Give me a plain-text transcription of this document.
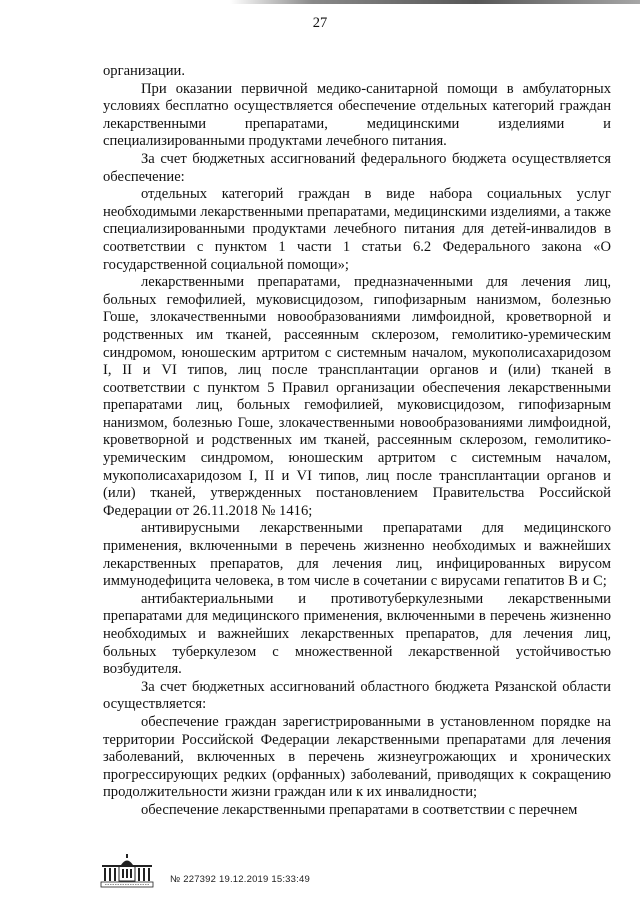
27

организации.

При оказании первичной медико-санитарной помощи в амбулаторных условиях бесплатно осуществляется обеспечение отдельных категорий граждан лекарственными препаратами, медицинскими изделиями и специализированными продуктами лечебного питания.

За счет бюджетных ассигнований федерального бюджета осуществляется обеспечение:

отдельных категорий граждан в виде набора социальных услуг необходимыми лекарственными препаратами, медицинскими изделиями, а также специализированными продуктами лечебного питания для детей-инвалидов в соответствии с пунктом 1 части 1 статьи 6.2 Федерального закона «О государственной социальной помощи»;

лекарственными препаратами, предназначенными для лечения лиц, больных гемофилией, муковисцидозом, гипофизарным нанизмом, болезнью Гоше, злокачественными новообразованиями лимфоидной, кроветворной и родственных им тканей, рассеянным склерозом, гемолитико-уремическим синдромом, юношеским артритом с системным началом, мукополисахаридозом I, II и VI типов, лиц после трансплантации органов и (или) тканей в соответствии с пунктом 5 Правил организации обеспечения лекарственными препаратами лиц, больных гемофилией, муковисцидозом, гипофизарным нанизмом, болезнью Гоше, злокачественными новообразованиями лимфоидной, кроветворной и родственных им тканей, рассеянным склерозом, гемолитико-уремическим синдромом, юношеским артритом с системным началом, мукополисахаридозом I, II и VI типов, лиц после трансплантации органов и (или) тканей, утвержденных постановлением Правительства Российской Федерации от 26.11.2018 № 1416;

антивирусными лекарственными препаратами для медицинского применения, включенными в перечень жизненно необходимых и важнейших лекарственных препаратов, для лечения лиц, инфицированных вирусом иммунодефицита человека, в том числе в сочетании с вирусами гепатитов В и С;

антибактериальными и противотуберкулезными лекарственными препаратами для медицинского применения, включенными в перечень жизненно необходимых и важнейших лекарственных препаратов, для лечения лиц, больных туберкулезом с множественной лекарственной устойчивостью возбудителя.

За счет бюджетных ассигнований областного бюджета Рязанской области осуществляется:

обеспечение граждан зарегистрированными в установленном порядке на территории Российской Федерации лекарственными препаратами для лечения заболеваний, включенных в перечень жизнеугрожающих и хронических прогрессирующих редких (орфанных) заболеваний, приводящих к сокращению продолжительности жизни граждан или к их инвалидности;

обеспечение лекарственными препаратами в соответствии с перечнем

№ 227392 19.12.2019 15:33:49
